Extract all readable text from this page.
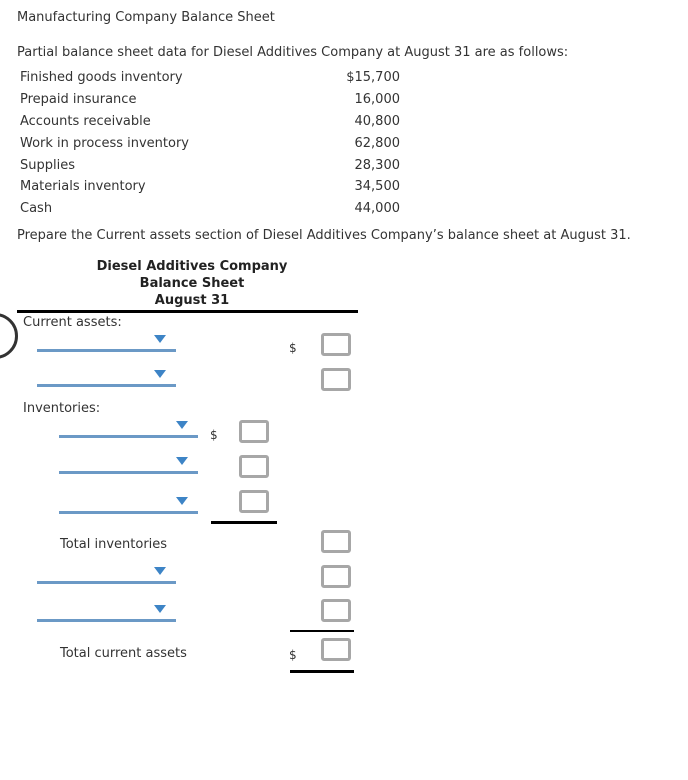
Manufacturing Company Balance Sheet
Partial balance sheet data for Diesel Additives Company at August 31 are as follows:
Finished goods inventory	$15,700
Prepaid insurance	16,000
Accounts receivable	40,800
Work in process inventory	62,800
Supplies	28,300
Materials inventory	34,500
Cash	44,000
Prepare the Current assets section of Diesel Additives Company’s balance sheet at August 31.
Diesel Additives Company
Balance Sheet
August 31
Current assets:
$
Inventories:
$
Total inventories
Total current assets	$
